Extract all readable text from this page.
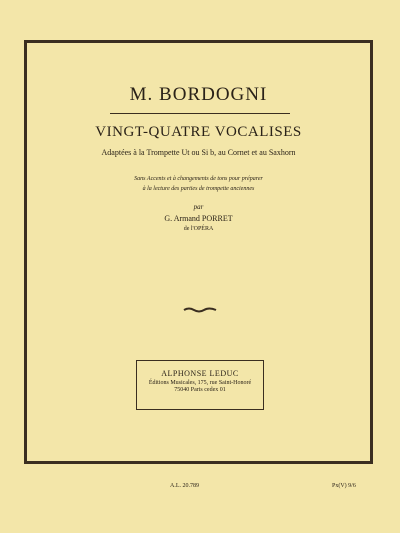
M. BORDOGNI
VINGT-QUATRE VOCALISES
Adaptées à la Trompette Ut ou Si b, au Cornet et au Saxhorn
Sans Accents et à changements de tons pour préparer
à la lecture des parties de trompette anciennes
par
G. Armand PORRET
de l'OPÉRA
ALPHONSE LEDUC
Éditions Musicales, 175, rue Saint-Honoré
75040 Paris cedex 01
A.L. 20.789	Px(V) 9/6
